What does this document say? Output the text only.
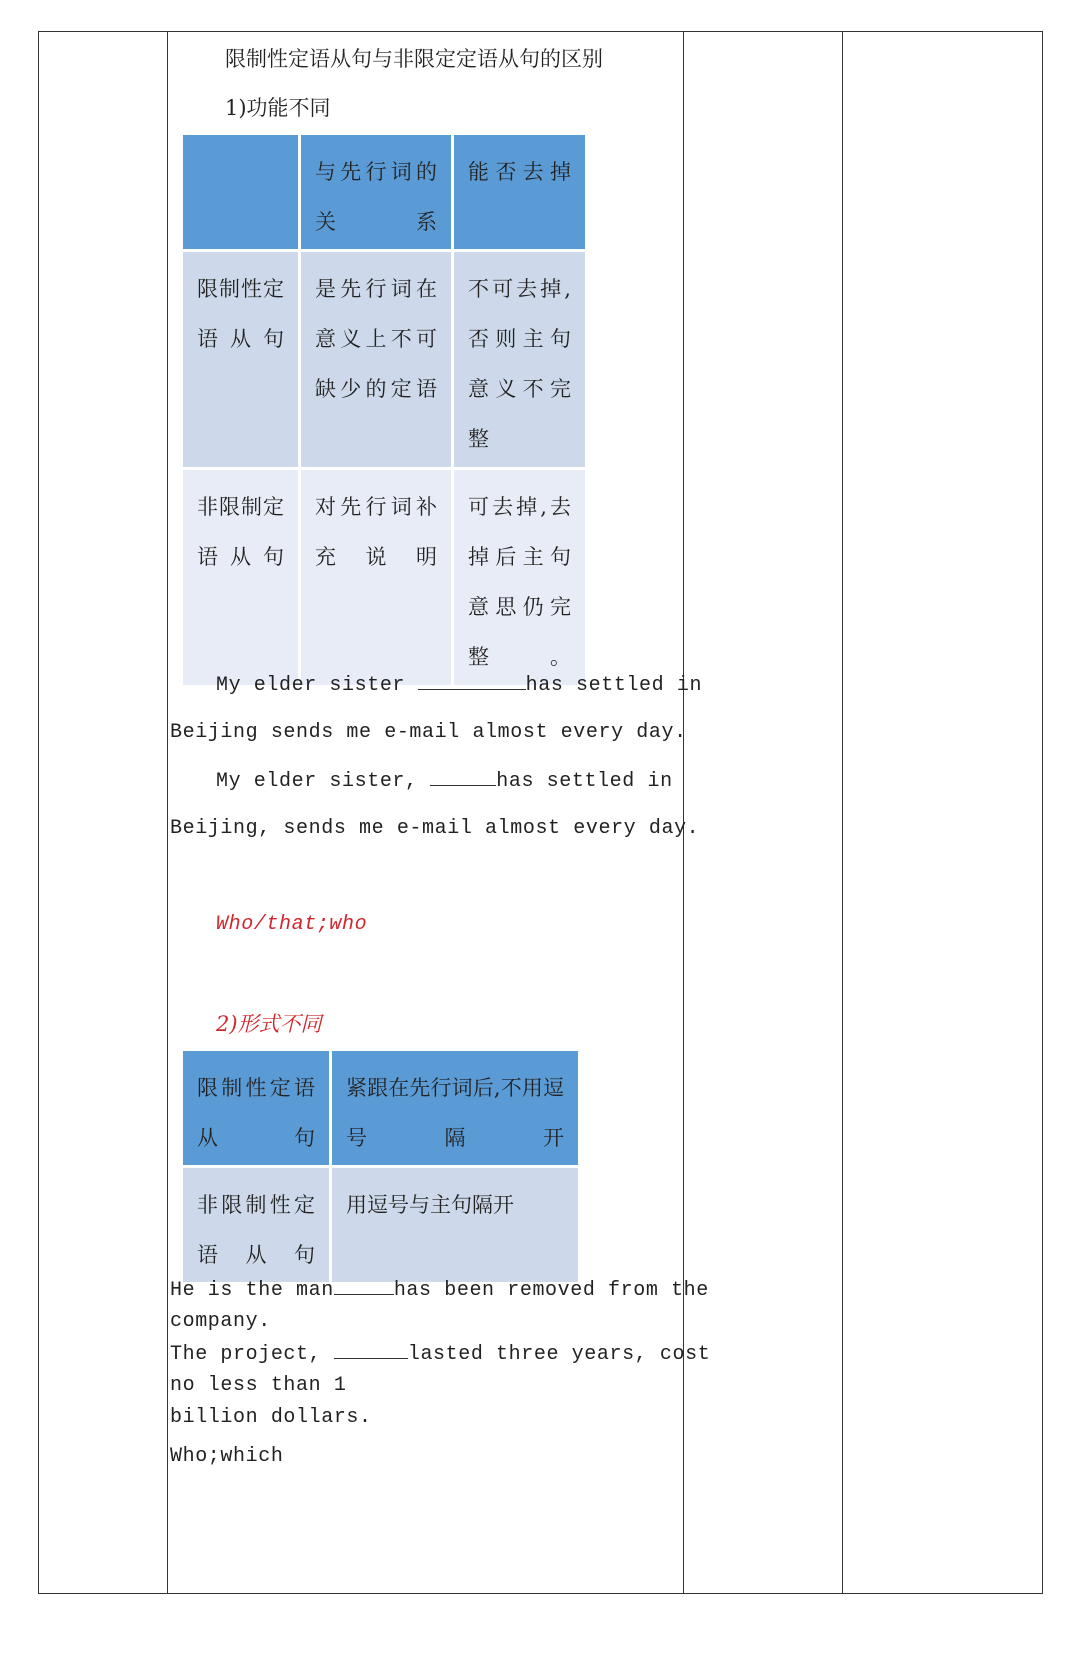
限制性定语从句与非限定定语从句的区别
1)功能不同

	与先行词的关系	能否去掉

限制性定语从句	是先行词在意义上不可缺少的定语	不可去掉,否则主句意义不完整

非限制定语从句	对先行词补充说明	可去掉,去掉后主句意思仍完整。
My elder sister	has settled in
Beijing sends me e-mail almost every day.
My elder sister,	has settled in
Beijing, sends me e-mail almost every day.
Who/that;who
2)形式不同
限制性定语从句	紧跟在先行词后,不用逗号隔开

非限制性定语从句	用逗号与主句隔开
He is the man	has been removed from the
company.
The project,	lasted three years, cost
no less than 1
billion dollars.
Who;which
